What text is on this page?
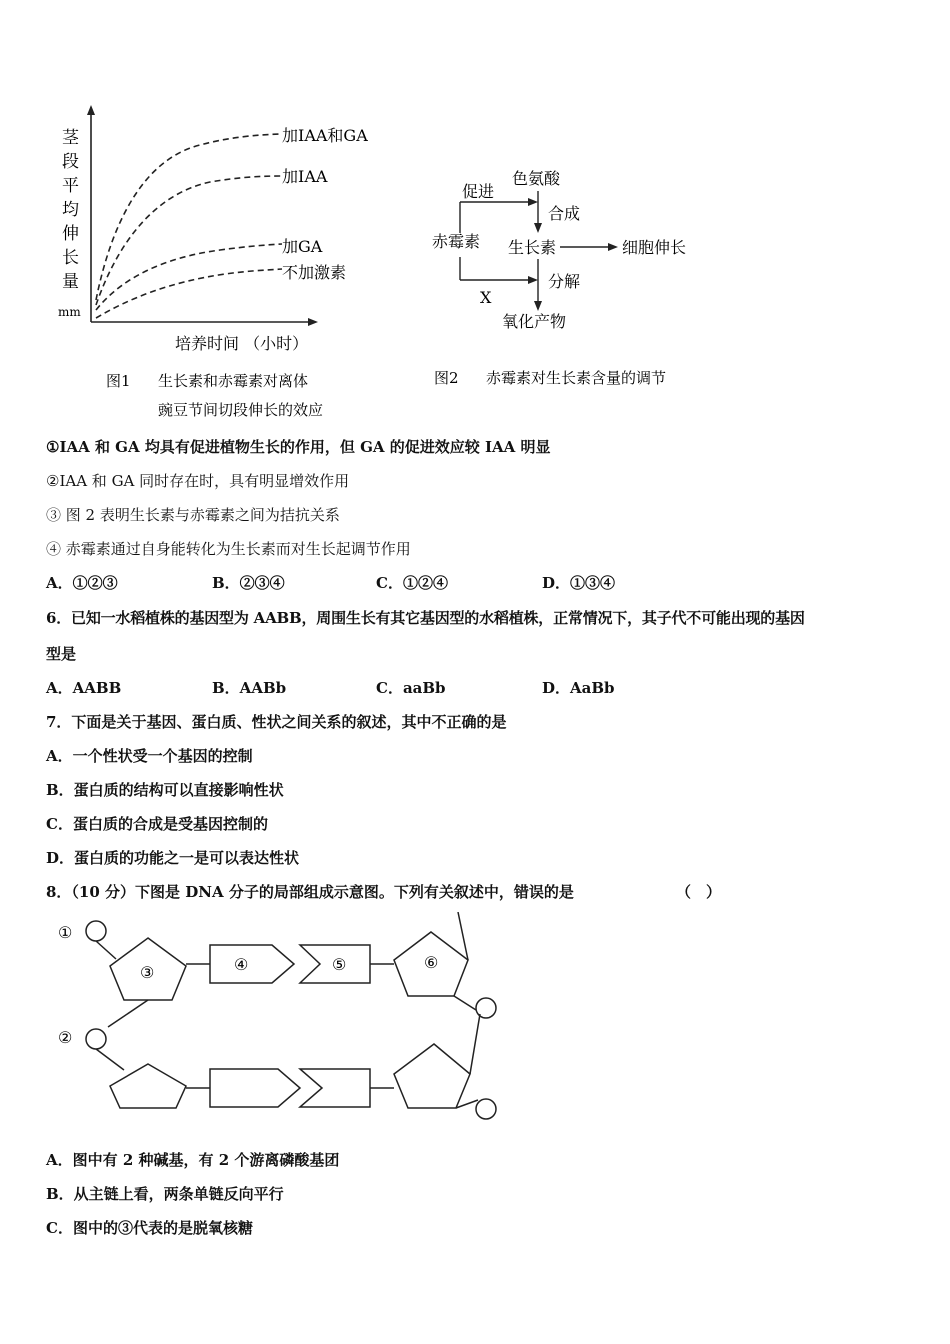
茎
段
平
均
伸
长
量
mm
加IAA和GA
加IAA
加GA
不加激素
培养时间 （小时）
图1 生长素和赤霉素对离体
豌豆节间切段伸长的效应
促进
色氨酸
赤霉素
合成
生长素	细胞伸长
X
分解
氧化产物
图2 赤霉素对生长素含量的调节
①IAA 和 GA 均具有促进植物生长的作用，但 GA 的促进效应较 IAA 明显
②IAA 和 GA 同时存在时，具有明显增效作用
③ 图 2 表明生长素与赤霉素之间为拮抗关系
④ 赤霉素通过自身能转化为生长素而对生长起调节作用
A．①②③	B．②③④	C．①②④	D．①③④
6．已知一水稻植株的基因型为 AABB，周围生长有其它基因型的水稻植株，正常情况下，其子代不可能出现的基因
型是
A．AABB	B．AABb	C．aaBb	D．AaBb
7．下面是关于基因、蛋白质、性状之间关系的叙述，其中不正确的是
A．一个性状受一个基因的控制
B．蛋白质的结构可以直接影响性状
C．蛋白质的合成是受基因控制的
D．蛋白质的功能之一是可以表达性状
8．（10 分）下图是 DNA 分子的局部组成示意图。下列有关叙述中，错误的是	（　）
①
②
③	④	⑤	⑥
A．图中有 2 种碱基，有 2 个游离磷酸基团
B．从主链上看，两条单链反向平行
C．图中的③代表的是脱氧核糖
